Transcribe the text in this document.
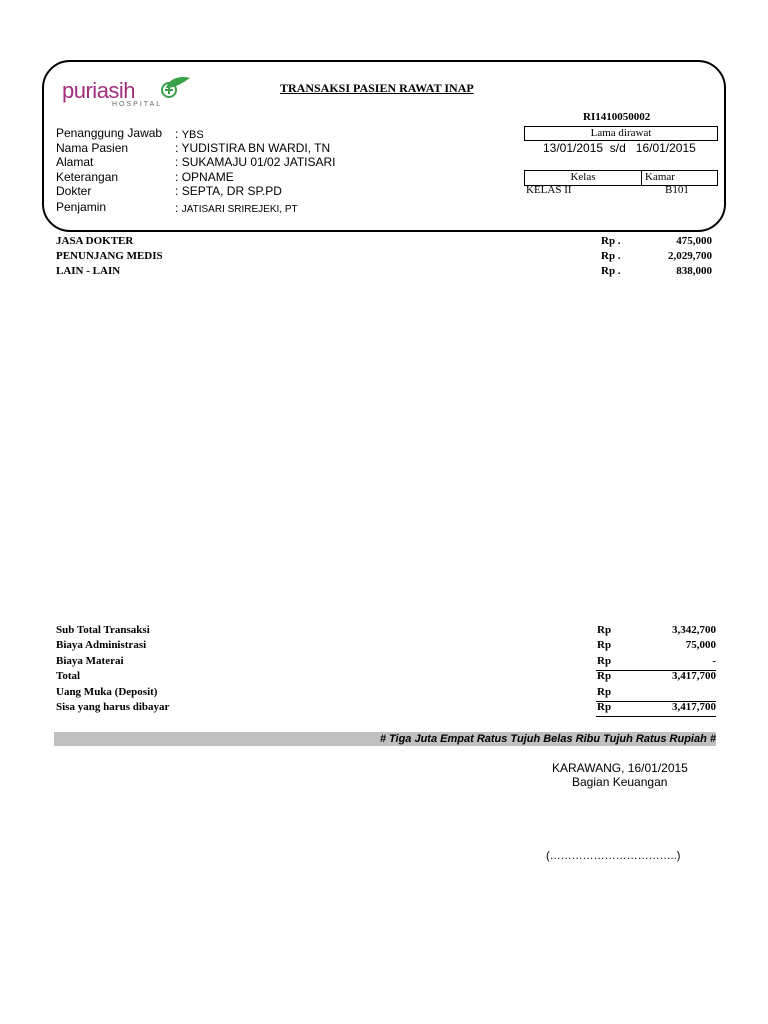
puriasih
HOSPITAL
TRANSAKSI PASIEN RAWAT INAP
RI1410050002
Penanggung Jawab : YBS
Nama Pasien	: YUDISTIRA BN WARDI, TN
Alamat	: SUKAMAJU 01/02 JATISARI
Keterangan	: OPNAME
Dokter	: SEPTA, DR SP.PD
Penjamin	: JATISARI SRIREJEKI, PT
Lama dirawat
13/01/2015 s/d 16/01/2015
Kelas	Kamar
KELAS II	B101
JASA DOKTER	Rp .	475,000
PENUNJANG MEDIS	Rp .	2,029,700
LAIN - LAIN	Rp .	838,000
Sub Total Transaksi	Rp	3,342,700
Biaya Administrasi	Rp	75,000
Biaya Materai	Rp	-
Total	Rp	3,417,700
Uang Muka (Deposit)	Rp
Sisa yang harus dibayar	Rp	3,417,700
# Tiga Juta Empat Ratus Tujuh Belas Ribu Tujuh Ratus Rupiah #
KARAWANG, 16/01/2015
Bagian Keuangan
(……………………………..)
